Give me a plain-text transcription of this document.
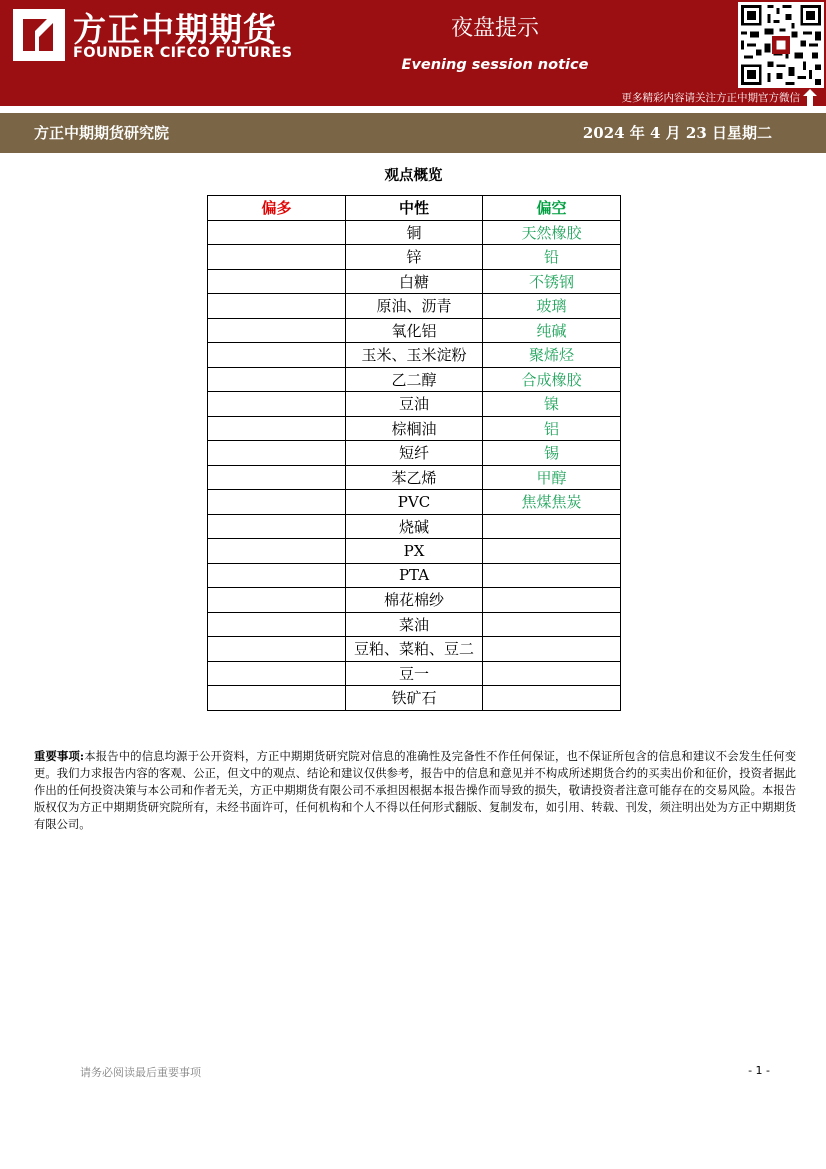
方正中期期货
FOUNDER CIFCO FUTURES
夜盘提示
Evening session notice
更多精彩内容请关注方正中期官方微信
方正中期期货研究院	2024 年 4 月 23 日星期二
观点概览
偏多	中性	偏空
	铜	天然橡胶
	锌	铅
	白糖	不锈钢
	原油、沥青	玻璃
	氧化铝	纯碱
	玉米、玉米淀粉	聚烯烃
	乙二醇	合成橡胶
	豆油	镍
	棕榈油	铝
	短纤	锡
	苯乙烯	甲醇
	PVC	焦煤焦炭
	烧碱	
	PX	
	PTA	
	棉花棉纱	
	菜油	
	豆粕、菜粕、豆二	
	豆一	
	铁矿石	
重要事项:本报告中的信息均源于公开资料，方正中期期货研究院对信息的准确性及完备性不作任何保证，也不保证所包含的信息和建议不会发生任何变更。我们力求报告内容的客观、公正，但文中的观点、结论和建议仅供参考，报告中的信息和意见并不构成所述期货合约的买卖出价和征价，投资者据此作出的任何投资决策与本公司和作者无关，方正中期期货有限公司不承担因根据本报告操作而导致的损失，敬请投资者注意可能存在的交易风险。本报告版权仅为方正中期期货研究院所有，未经书面许可，任何机构和个人不得以任何形式翻版、复制发布，如引用、转载、刊发，须注明出处为方正中期期货有限公司。
请务必阅读最后重要事项	- 1 -
